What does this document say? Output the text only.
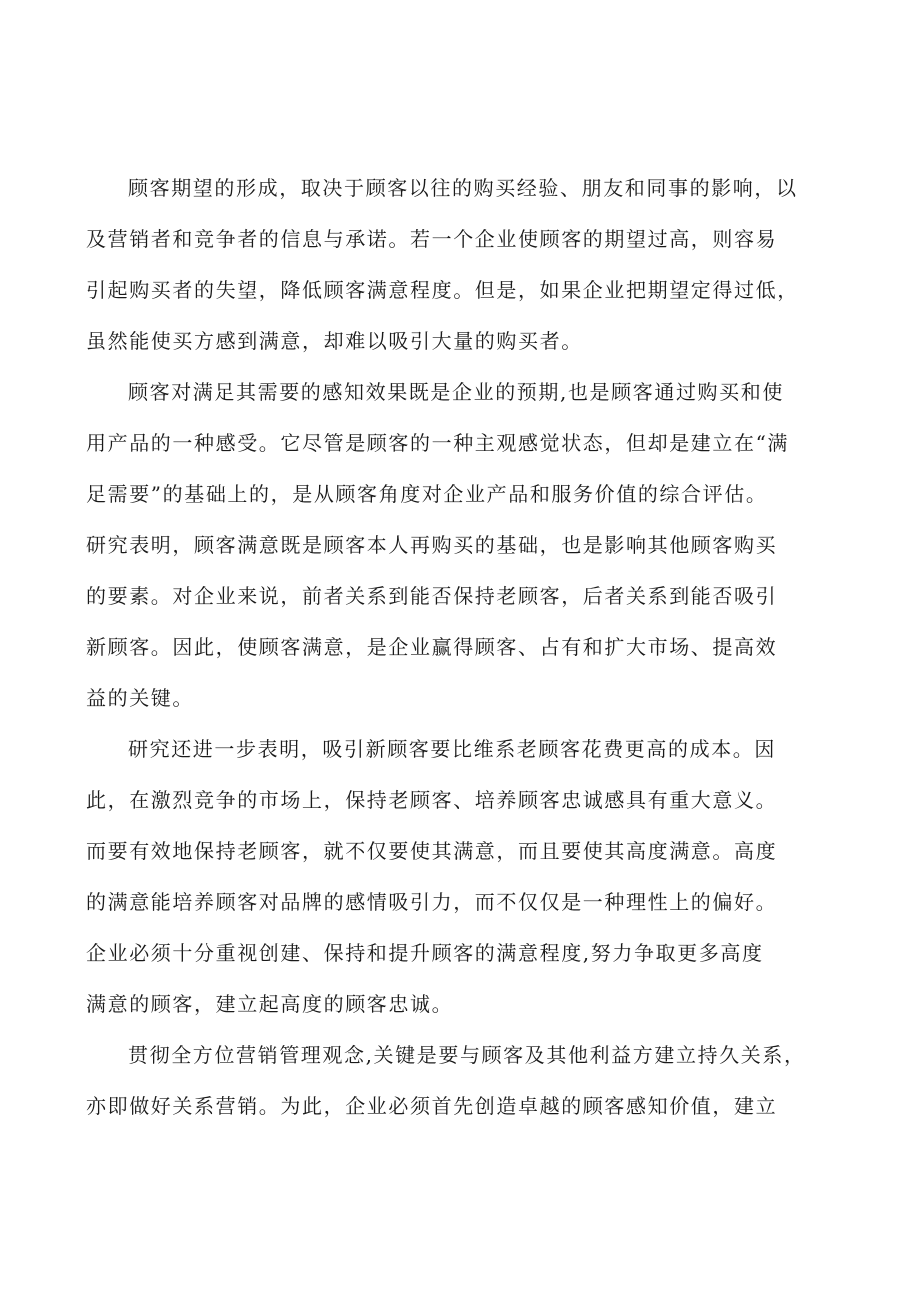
顾客期望的形成，取决于顾客以往的购买经验、朋友和同事的影响，以
及营销者和竞争者的信息与承诺。若一个企业使顾客的期望过高，则容易
引起购买者的失望，降低顾客满意程度。但是，如果企业把期望定得过低，
虽然能使买方感到满意，却难以吸引大量的购买者。
顾客对满足其需要的感知效果既是企业的预期,也是顾客通过购买和使
用产品的一种感受。它尽管是顾客的一种主观感觉状态，但却是建立在“满
足需要”的基础上的，是从顾客角度对企业产品和服务价值的综合评估。
研究表明，顾客满意既是顾客本人再购买的基础，也是影响其他顾客购买
的要素。对企业来说，前者关系到能否保持老顾客，后者关系到能否吸引
新顾客。因此，使顾客满意，是企业赢得顾客、占有和扩大市场、提高效
益的关键。
研究还进一步表明，吸引新顾客要比维系老顾客花费更高的成本。因
此，在激烈竞争的市场上，保持老顾客、培养顾客忠诚感具有重大意义。
而要有效地保持老顾客，就不仅要使其满意，而且要使其高度满意。高度
的满意能培养顾客对品牌的感情吸引力，而不仅仅是一种理性上的偏好。
企业必须十分重视创建、保持和提升顾客的满意程度,努力争取更多高度
满意的顾客，建立起高度的顾客忠诚。
贯彻全方位营销管理观念,关键是要与顾客及其他利益方建立持久关系，
亦即做好关系营销。为此，企业必须首先创造卓越的顾客感知价值，建立
